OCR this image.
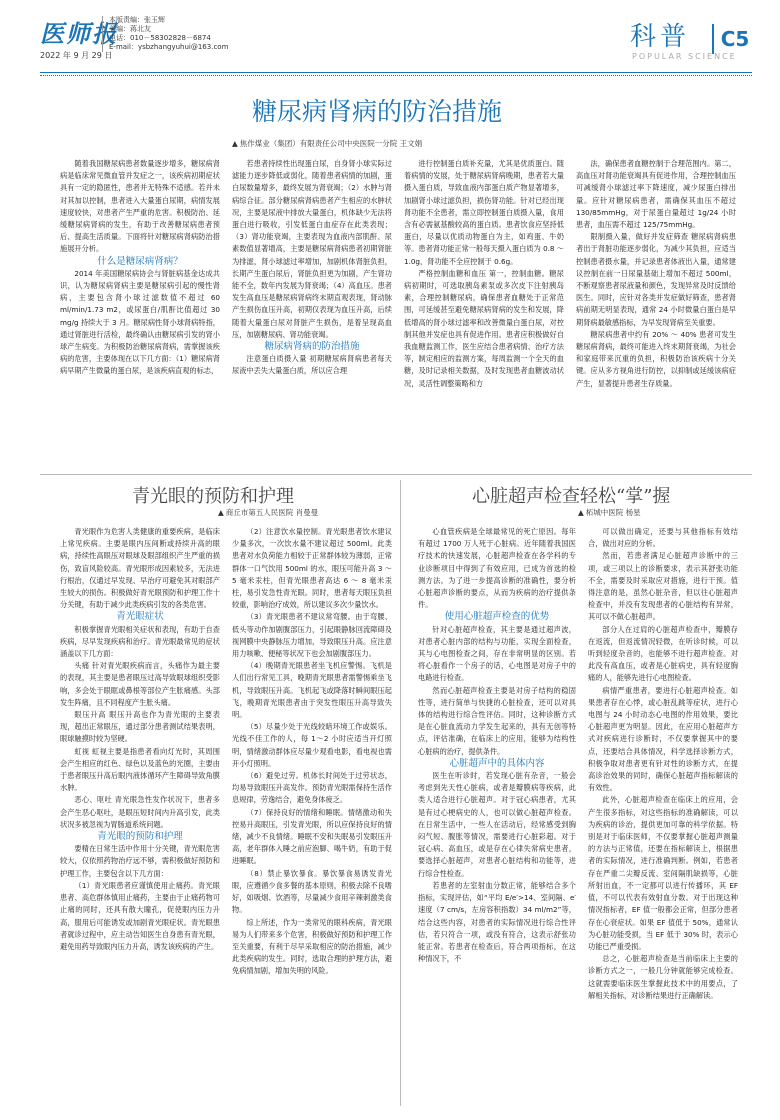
医师报
本版责编：张玉辉
美编：蒋北友
电话：010－58302828－6874
E-mail：ysbzhangyuhui@163.com
2022 年 9 月 29 日
科普
POPULAR SCIENCE
C5
糖尿病肾病的防治措施
▲ 焦作煤业（集团）有限责任公司中央医院一分院 王文娟

随着我国糖尿病患者数量逐步增多，糖尿病肾病是临床常见微血管并发症之一，该疾病初期症状具有一定的隐匿性，患者并无特殊不适感。若并未对其加以控制，患者进入大量蛋白尿期，病情发展速度较快，对患者产生严重的危害。积极防治、延缓糖尿病肾病的发生，有助于改善糖尿病患者预后、提高生活质量。下面将针对糖尿病肾病防治措施展开分析。

什么是糖尿病肾病？

2014 年美国糖尿病协会与肾脏病基金达成共识，认为糖尿病肾病主要是糖尿病引起的慢性肾病，主要包含肾小球过滤数值不超过 60 ml/min/1.73 m2，或尿蛋白/肌酐比值超过 30 mg/g 持续大于 3 月。糖尿病性肾小球肾病特指，通过肾脏进行活检，最终确认由糖尿病引发的肾小球产生病变。为积极防治糖尿病肾病，需掌握该疾病的危害，主要体现在以下几方面：（1）糖尿病肾病早期产生微量的蛋白尿，是该疾病直观的标志，

若患者持续性出现蛋白尿，自身肾小球实际过滤能力逐步降低或弱化，随着患者病情的加剧，蛋白尿数量增多，最终发展为肾衰竭；（2）水肿与肾病综合征。部分糖尿病肾病患者产生相应的水肿状况，主要是尿液中排放大量蛋白，机体缺少无法将蛋白进行吸收，引发低蛋白血症存在此类表现；（3）肾功能衰竭，主要表现为血液内部肌酐、尿素数值显著增高，主要是糖尿病肾病患者初期肾脏为排滤，肾小球滤过率增加，加剧机体肾脏负担，长期产生蛋白尿后，肾脏负担更为加剧，产生肾功能不全，数年内发展为肾衰竭；（4）高血压。患者发生高血压是糖尿病肾病终末期直观表现，肾动脉产生损伤血压升高，初期仅表现为血压升高，后续随着大量蛋白尿对肾脏产生损伤，是着呈现高血压，加剧糖尿病、肾功能衰竭。

糖尿病肾病的防治措施

注意蛋白质摄入量 初期糖尿病肾病患者每天尿液中丢失大量蛋白质，所以应合理

进行控制蛋白质补充量，尤其是优质蛋白。随着病情的发展，处于糖尿病肾病晚期，患者若大量摄入蛋白质，导致血液内部蛋白质产物显著增多，加剧肾小球过滤负担，损伤肾功能。针对已经出现肾功能不全患者，需立即控制蛋白质摄入量，食用含有必需氨基酸较高的蛋白质。患者饮食应坚持低蛋白，尽量以优质动物蛋白为主，如鸡蛋、牛奶等。患者肾功能正常一般每天摄入蛋白质为 0.8 ～ 1.0g，肾功能不全应控制于 0.6g。

严格控制血糖和血压 第一，控制血糖。糖尿病初期时，可选取胰岛素泵或多次皮下注射胰岛素，合理控制糖尿病，确保患者血糖处于正常范围，可延缓甚至避免糖尿病肾病的发生和发展，降低增高的肾小球过滤率和改善微量白蛋白尿，对控制其他并发症也具有促进作用。患者应积极做好自我血糖监测工作，医生应结合患者病情、治疗方法等，制定相应的监测方案，每周监测一个全天的血糖，及时记录相关数据，及时发现患者血糖波动状况，灵活性调整策略和方

法，确保患者血糖控制于合理范围内。第二，高血压对肾功能衰竭具有促进作用，合理控制血压可减缓肾小球滤过率下降速度，减少尿蛋白排出量。应针对糖尿病患者，需确保其血压不超过 130/85mmHg，对于尿蛋白量超过 1g/24 小时患者，血压需不超过 125/75mmHg。

限制摄入量，做好并发症筛查 糖尿病肾病患者出于肾脏功能逐步弱化，为减少其负担，应适当控制患者摄水量，并记录患者体液出入量，通常建议控制在前一日尿量基础上增加不超过 500ml，不断观察患者尿液量和颜色，发现异常及时反馈给医生。同时，应针对各类并发症做好筛查，患者肾病前期无明显表现，通常 24 小时微量白蛋白是早期肾病最敏感指标，为早发现肾病至关重要。

糖尿病患者中约有 20% ～ 40% 患者可发生糖尿病肾病，最终可能进入终末期肾衰竭，为社会和家庭带来沉重的负担，积极防治该疾病十分关键。应从多方视角进行防控，以抑制或延缓该病症产生，显著提升患者生存质量。

青光眼的预防和护理
▲ 商丘市第五人民医院 肖曼曼

青光眼作为危害人类健康的重要疾病，是临床上常见疾病。主要是眼内压间断或持续升高的眼病，持续性高眼压对眼球及眼部组织产生严重的损伤，致盲风险较高。青光眼形成因素较多，无法进行根治，仅通过早发现、早治疗可避免其对眼部产生较大的损伤。积极做好青光眼预防和护理工作十分关键，有助于减少此类疾病引发的各类危害。

青光眼症状

积极掌握青光眼相关症状和表现，有助于自查疾病，尽早发现疾病和治疗。青光眼最常见的症状涵盖以下几方面：

头痛 针对青光眼疾病而言，头痛作为最主要的表现，其主要是患者眼压过高导致眼球组织受影响，多会处于眼眶或鼻根等部位产生胀痛感。头部发生阵痛，且不同程度产生胀头痛。

眼压升高 眼压升高也作为青光眼的主要表现，超出正常眼压，通过部分患者测试结果表明，眼球触摸时较为坚硬。

虹视 虹视主要是指患者看向灯光时，其周围会产生相应的红色、绿色以及蓝色的光圈，主要由于患者眼压升高后眼内液体循环产生障碍导致角膜水肿。

恶心、呕吐 青光眼急性发作状况下，患者多会产生恶心呕吐，是眼压短时间内升高引发，此类状况多被忽视为胃肠道系统问题。

青光眼的预防和护理

要精在日常生活中作用十分关键，青光眼危害较大，仅依照药物治疗远不够，需积极做好预防和护理工作，主要包含以下几方面：

（1）青光眼患者应谨慎使用止痛药。青光眼患者、高危群体慎用止痛药，主要由于止痛药物可止痛的同时，还具有散大瞳孔，促使眼内压力升高，服用后可能诱发或加剧青光眼症状。青光眼患者就诊过程中，应主动告知医生自身患有青光眼，避免用药导致眼内压力升高，诱发该疾病的产生。

（2）注意饮水量控制。青光眼患者饮水建议少量多次，一次饮水量不建议超过 500ml。此类患者对水负荷能力相较于正常群体较为薄弱，正常群体一口气饮用 500ml 的水，眼压可能升高 3 ～ 5 毫米汞柱，但青光眼患者高达 6 ～ 8 毫米汞柱，易引发急性青光眼。同时，患者每天眼压负担较重，影响治疗成效，所以建议多次少量饮水。

（3）青光眼患者不建议常弯腰。由于弯腰、低头等动作加剧腹部压力，引起眼静脉回流障碍及视网膜中央静脉压力增加，导致眼压升高。应注意用力咳嗽、便秘等状况下也会加剧腹部压力。

（4）晚期青光眼患者坐飞机应警惕。飞机是人们出行常见工具，晚期青光眼患者需警惕乘坐飞机，导致眼压升高。飞机起飞或降落时瞬间眼压起飞，晚期青光眼患者由于突发性眼压升高导致失明。

（5）尽量少处于光线较暗环境工作或娱乐。光线不佳工作的人，每 1～2 小时应适当开灯照明，情绪激动群体应尽量少观看电影，看电视也需开小灯照明。

（6）避免过劳。机体长时间处于过劳状态，均易导致眼压升高发作。预防青光眼需保持生活作息规律，劳逸结合，避免身体疲乏。

（7）保持良好的情绪和睡眠。情绪激动和失控易升高眼压，引发青光眼，所以应保持良好的情绪，减少不良情绪。睡眠不安和失眠易引发眼压升高，老年群体入睡之前应泡脚、喝牛奶，有助于促进睡眠。

（8）禁止暴饮暴食。暴饮暴食易诱发青光眼，应遵循少食多餐的基本原则，积极去除不良嗜好，如吸烟、饮酒等，尽量减少食用辛辣刺激类食物。

综上所述，作为一类常见的眼科疾病，青光眼易为人们带来多个危害，积极做好预防和护理工作至关重要，有利于尽早采取相应的防治措施，减少此类疾病的发生。同时，选取合理的护理方法，避免病情加剧，增加失明的风险。

心脏超声检查轻松“掌”握
▲ 柘城中医院 杨星

心血管疾病是全球最常见的死亡原因。每年有超过 1700 万人死于心脏病。近年随着我国医疗技术的快速发展，心脏超声检查在各学科的专业诊断项目中得到了有效应用，已成为首选的检测方法。为了进一步提高诊断的准确性，要分析心脏超声诊断的要点，从而为疾病的治疗提供条件。

使用心脏超声检查的优势

针对心脏超声检查，其主要是通过超声波，对患者心脏内部的结构与功能，实现全面检查，其与心电图检查之间，存在非常明显的区别。若将心脏看作一个房子的话，心电图是对房子中的电路进行检查。

然而心脏超声检查主要是对房子结构的稳固性等，进行简单与快捷的心脏检查，还可以对具体的结构进行综合性评估。同时，这种诊断方式是在心脏血流动力学发生起来的，具有无创等特点，评估准确，在临床上的应用，能够为结构性心脏病的治疗，提供条件。

心脏超声中的具体内容

医生在听诊时，若发现心脏有杂音，一般会考虑到先天性心脏病，或者是瓣膜病等疾病，此类人适合进行心脏超声。对于冠心病患者，尤其是有过心梗病史的人，也可以做心脏超声检查。在日常生活中，一些人在活动后，经常感受到胸闷气短、腹胀等情况，需要进行心脏彩超。对于冠心病、高血压，或是存在心律失常病史患者，要选择心脏超声，对患者心脏结构和功能等，进行综合性检查。

若患者的左室射血分数正常，能够结合多个指标，实现评估，如“平均 E/e′>14、室间隔、e′速度（7 cm/s，左房容积指数）34 ml/m2”等，结合这些内容，对患者的实际情况进行综合性评估，若只符合一项，或没有符合，这表示舒张功能正常。若患者在检查后，符合两项指标，在这种情况下，不

可以做出确定，还要与其他指标有效结合，做出对应的分析。

然而，若患者满足心脏超声诊断中的三项，或三项以上的诊断要求，表示其舒张功能不全，需要及时采取应对措施，进行干预。值得注意的是，虽然心脏杂音，但以往心脏超声检查中，并没有发现患者的心脏结构有异常，其可以不做心脏超声。

部分人在过肩的心脏超声检查中，瓣膜存在返流，但返流情况轻微，在听诊时候，可以听到轻度杂音的，也能够不进行超声检查。对此没有高血压，或者是心脏病史，具有轻度胸痛的人，能够先进行心电图检查。

病情严重患者，要进行心脏超声检查。如果患者存在心悸，或心脏乱跳等症状，进行心电图与 24 小时动态心电图的作用效果，要比心脏超声更为明显。因此，在应用心脏超声方式对疾病进行诊断时，不仅要掌握其中的要点，还要结合具体情况，科学选择诊断方式，积极争取对患者更有针对性的诊断方式，在提高诊治效果的同时，确保心脏超声指标解读的有效性。

此外，心脏超声检查在临床上的应用，会产生很多指标，对这些指标的准确解读，可以为疾病的诊治，提供更加可靠的科学依据。特别是对于临床医师，不仅要掌握心脏超声测量的方法与正常值，还要在指标解读上，根据患者的实际情况，进行准确判断。例如，若患者存在严重二尖瓣反流、室间隔肌缺损等，心脏所射出血，不一定都可以进行传播环，其 EF 值，不可以代表有效射血分数。对于出现这种情况指标者，EF 值一般都会正常，但部分患者存在心衰症状。如果 EF 值低于 50%，通常认为心脏功能受损，当 EF 低于 30% 时，表示心功能已严重受损。

总之，心脏超声检查是当前临床上主要的诊断方式之一，一般几分钟就能够完成检查。这就需要临床医生掌握此技术中的用要点，了解相关指标，对诊断结果进行正确解读。
